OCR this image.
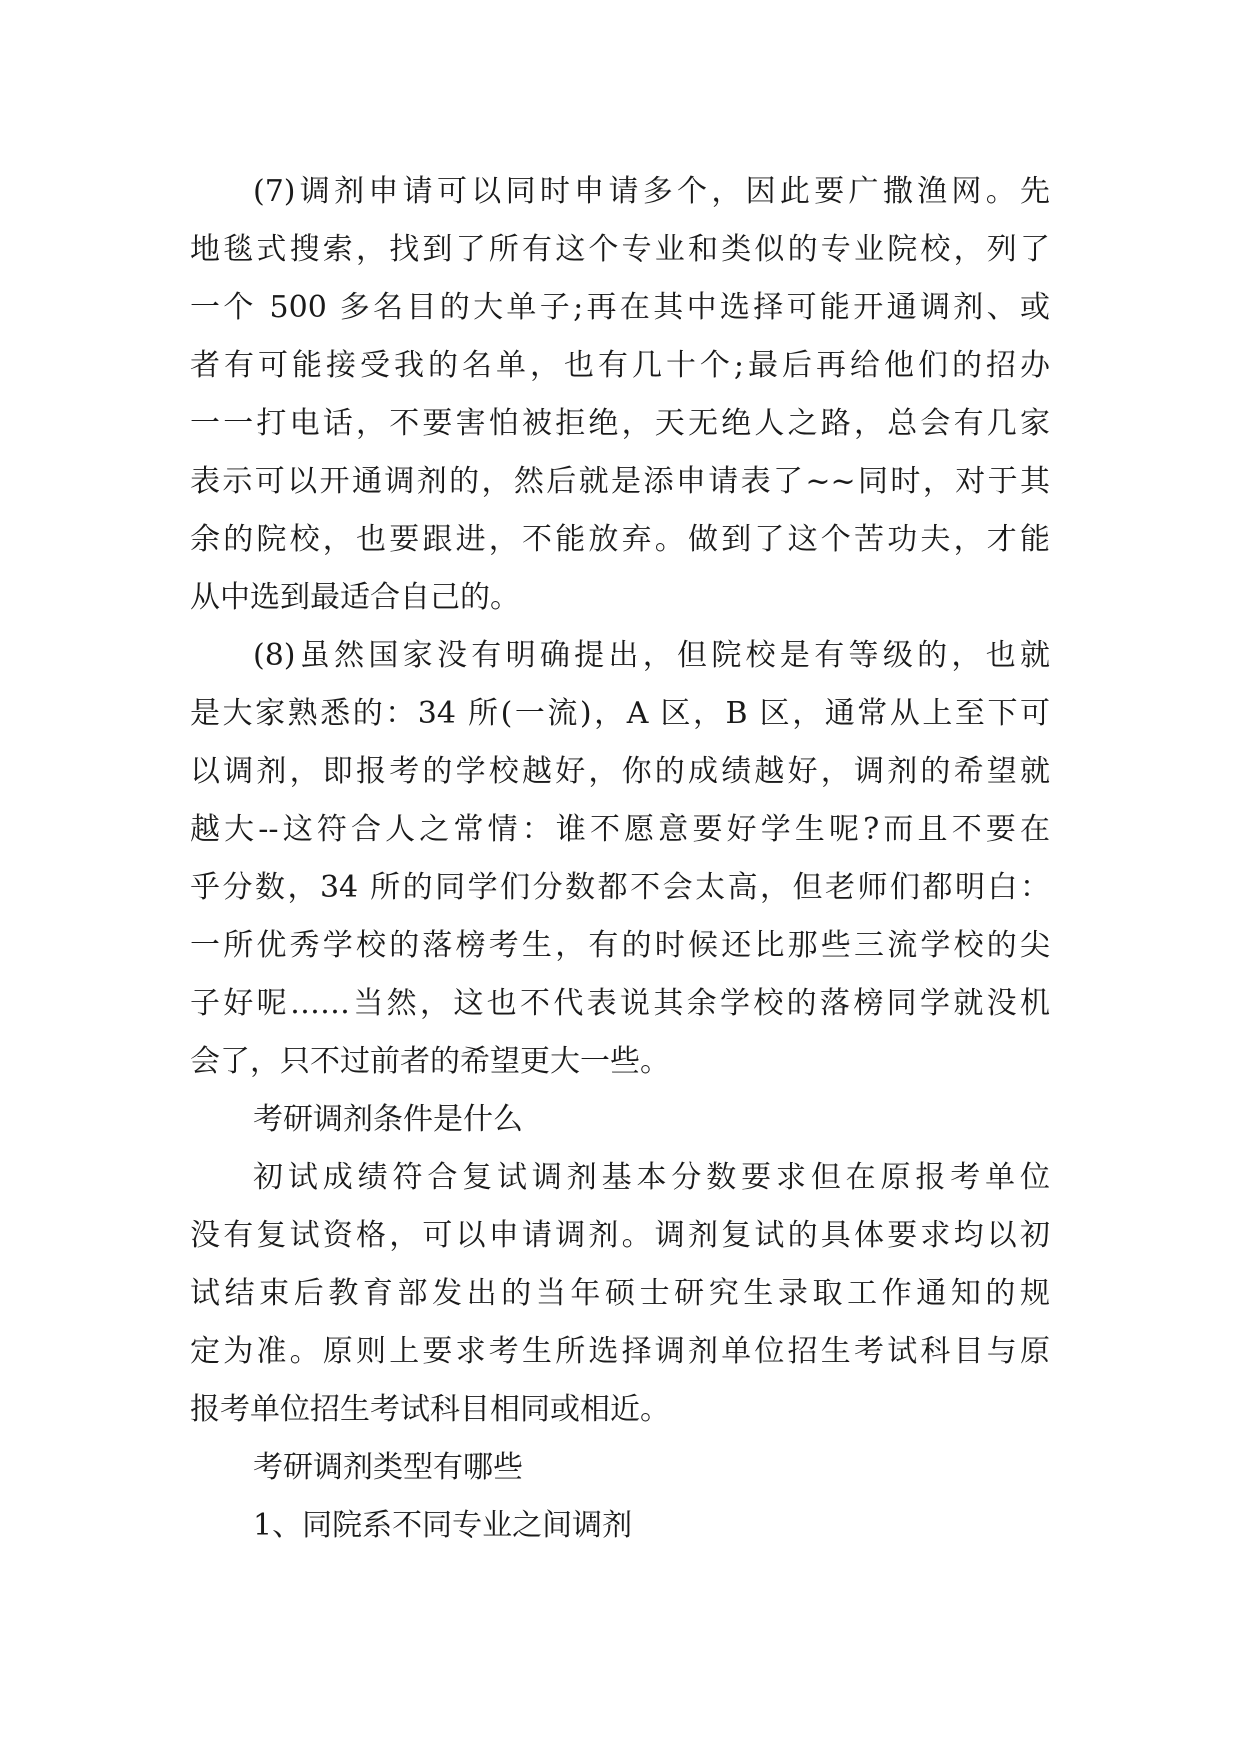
(7)调剂申请可以同时申请多个，因此要广撒渔网。先
地毯式搜索，找到了所有这个专业和类似的专业院校，列了
一个 500 多名目的大单子;再在其中选择可能开通调剂、或
者有可能接受我的名单，也有几十个;最后再给他们的招办
一一打电话，不要害怕被拒绝，天无绝人之路，总会有几家
表示可以开通调剂的，然后就是添申请表了~~同时，对于其
余的院校，也要跟进，不能放弃。做到了这个苦功夫，才能
从中选到最适合自己的。
(8)虽然国家没有明确提出，但院校是有等级的，也就
是大家熟悉的：34 所(一流)，A 区，B 区，通常从上至下可
以调剂，即报考的学校越好，你的成绩越好，调剂的希望就
越大--这符合人之常情：谁不愿意要好学生呢?而且不要在
乎分数，34 所的同学们分数都不会太高，但老师们都明白：
一所优秀学校的落榜考生，有的时候还比那些三流学校的尖
子好呢……当然，这也不代表说其余学校的落榜同学就没机
会了，只不过前者的希望更大一些。
考研调剂条件是什么
初试成绩符合复试调剂基本分数要求但在原报考单位
没有复试资格，可以申请调剂。调剂复试的具体要求均以初
试结束后教育部发出的当年硕士研究生录取工作通知的规
定为准。原则上要求考生所选择调剂单位招生考试科目与原
报考单位招生考试科目相同或相近。
考研调剂类型有哪些
1、同院系不同专业之间调剂
